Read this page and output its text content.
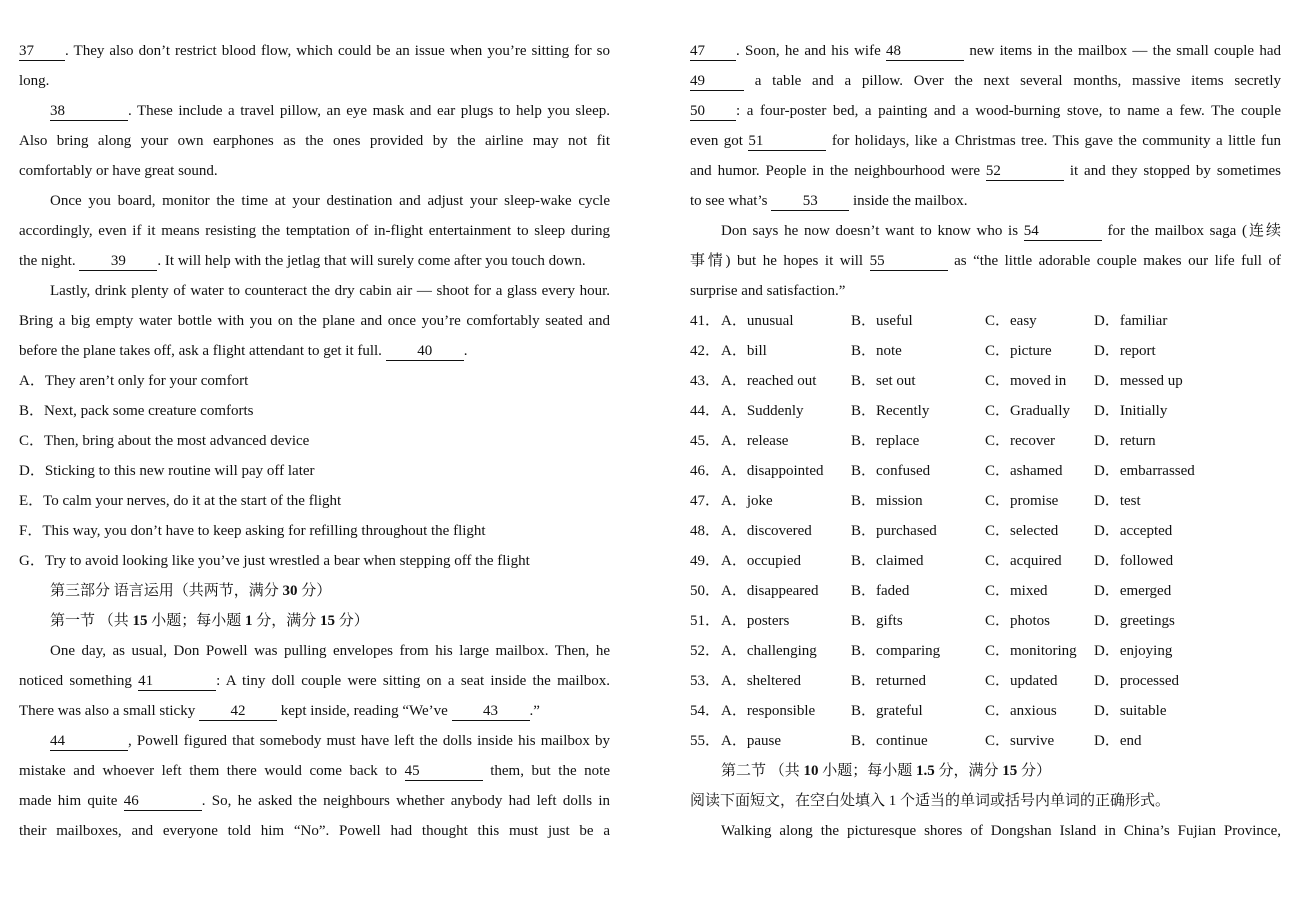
37 . They also don’t restrict blood flow, which could be an issue when you’re sitting for so
long.
38	. These include a travel pillow, an eye mask and ear plugs to help you sleep.
Also bring along your own earphones as the ones provided by the airline may not fit
comfortably or have great sound.
Once you board, monitor the time at your destination and adjust your sleep-wake cycle
accordingly, even if it means resisting the temptation of in-flight entertainment to sleep during
the night. 39 . It will help with the jetlag that will surely come after you touch down.
Lastly, drink plenty of water to counteract the dry cabin air — shoot for a glass every hour.
Bring a big empty water bottle with you on the plane and once you’re comfortably seated and
before the plane takes off, ask a flight attendant to get it full. 40 .
A．They aren’t only for your comfort
B．Next, pack some creature comforts
C．Then, bring about the most advanced device
D．Sticking to this new routine will pay off later
E．To calm your nerves, do it at the start of the flight
F．This way, you don’t have to keep asking for refilling throughout the flight
G．Try to avoid looking like you’ve just wrestled a bear when stepping off the flight
第三部分 语言运用（共两节，满分 30 分）
第一节 （共 15 小题；每小题 1 分，满分 15 分）
One day, as usual, Don Powell was pulling envelopes from his large mailbox. Then, he
noticed something 41	: A tiny doll couple were sitting on a seat inside the mailbox.
There was also a small sticky 42 kept inside, reading “We’ve 43 .”
44	, Powell figured that somebody must have left the dolls inside his mailbox by
mistake and whoever left them there would come back to 45	them, but the note
made him quite 46	. So, he asked the neighbours whether anybody had left dolls in
their mailboxes, and everyone told him “No”. Powell had thought this must just be a
47 . Soon, he and his wife 48	new items in the mailbox — the small couple had
49	a table and a pillow. Over the next several months, massive items secretly
50 : a four-poster bed, a painting and a wood-burning stove, to name a few. The couple
even got 51	for holidays, like a Christmas tree. This gave the community a little fun
and humor. People in the neighbourhood were 52	it and they stopped by sometimes
to see what’s 53 inside the mailbox.
Don says he now doesn’t want to know who is 54	for the mailbox saga (连续
事情) but he hopes it will 55	as “the little adorable couple makes our life full of
surprise and satisfaction.”
41． A．unusual	B．useful	C．easy	D．familiar
42． A．bill	B．note	C．picture	D．report
43． A．reached out B．set out	C．moved in D．messed up
44． A．Suddenly	B．Recently	C．Gradually D．Initially
45． A．release	B．replace	C．recover	D．return
46． A．disappointed B．confused	C．ashamed D．embarrassed
47． A．joke	B．mission	C．promise D．test
48． A．discovered	B．purchased	C．selected D．accepted
49． A．occupied	B．claimed	C．acquired D．followed
50． A．disappeared B．faded	C．mixed	D．emerged
51． A．posters	B．gifts	C．photos	D．greetings
52． A．challenging B．comparing	C．monitoring D．enjoying
53． A．sheltered	B．returned	C．updated D．processed
54． A．responsible B．grateful	C．anxious D．suitable
55． A．pause	B．continue	C．survive	D．end
第二节 （共 10 小题；每小题 1.5 分，满分 15 分）
阅读下面短文，在空白处填入 1 个适当的单词或括号内单词的正确形式。
Walking along the picturesque shores of Dongshan Island in China’s Fujian Province,
